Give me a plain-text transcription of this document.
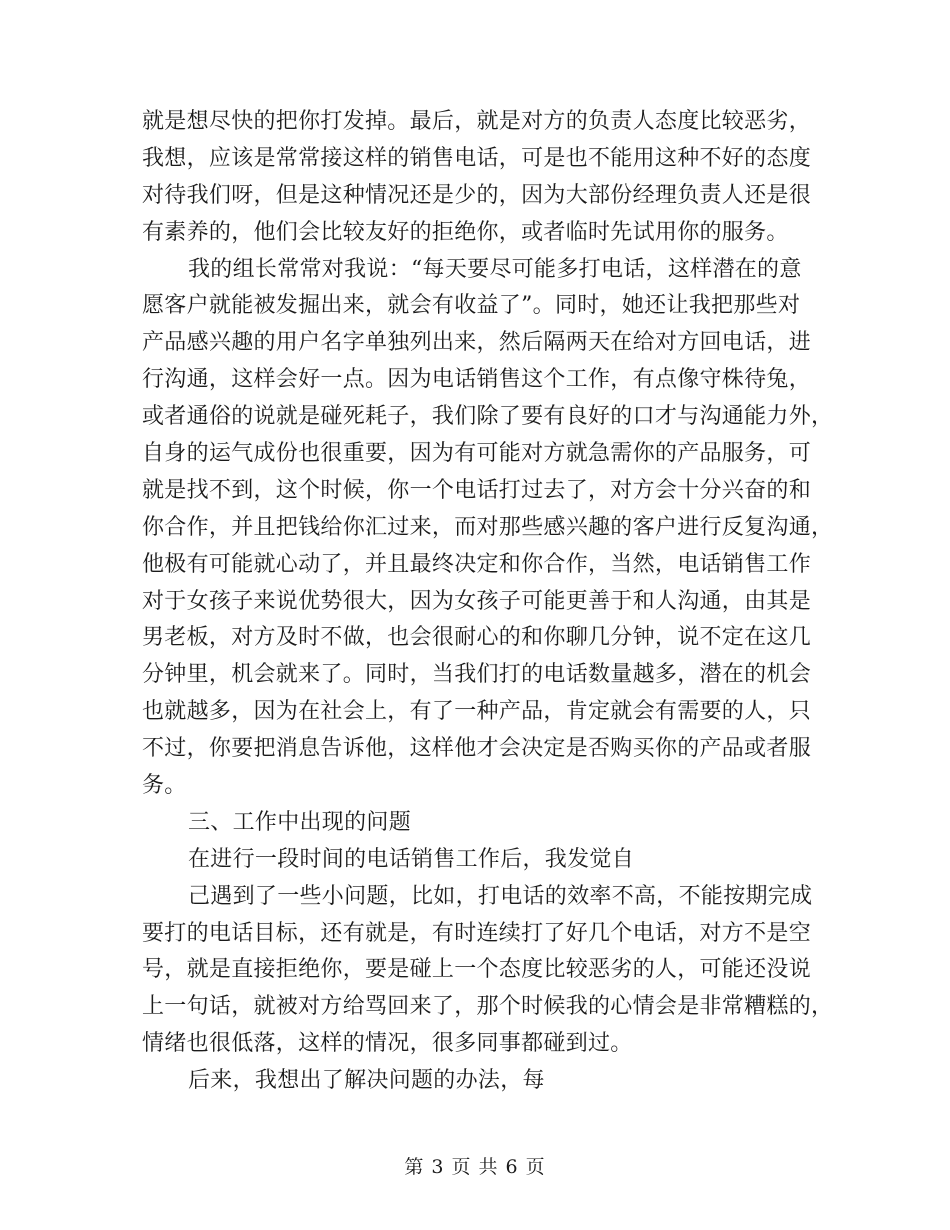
就是想尽快的把你打发掉。最后，就是对方的负责人态度比较恶劣，
我想，应该是常常接这样的销售电话，可是也不能用这种不好的态度
对待我们呀，但是这种情况还是少的，因为大部份经理负责人还是很
有素养的，他们会比较友好的拒绝你，或者临时先试用你的服务。
我的组长常常对我说：“每天要尽可能多打电话，这样潜在的意
愿客户就能被发掘出来，就会有收益了”。同时，她还让我把那些对
产品感兴趣的用户名字单独列出来，然后隔两天在给对方回电话，进
行沟通，这样会好一点。因为电话销售这个工作，有点像守株待兔，
或者通俗的说就是碰死耗子，我们除了要有良好的口才与沟通能力外，
自身的运气成份也很重要，因为有可能对方就急需你的产品服务，可
就是找不到，这个时候，你一个电话打过去了，对方会十分兴奋的和
你合作，并且把钱给你汇过来，而对那些感兴趣的客户进行反复沟通，
他极有可能就心动了，并且最终决定和你合作，当然，电话销售工作
对于女孩子来说优势很大，因为女孩子可能更善于和人沟通，由其是
男老板，对方及时不做，也会很耐心的和你聊几分钟，说不定在这几
分钟里，机会就来了。同时，当我们打的电话数量越多，潜在的机会
也就越多，因为在社会上，有了一种产品，肯定就会有需要的人，只
不过，你要把消息告诉他，这样他才会决定是否购买你的产品或者服
务。
三、工作中出现的问题
在进行一段时间的电话销售工作后，我发觉自
己遇到了一些小问题，比如，打电话的效率不高，不能按期完成
要打的电话目标，还有就是，有时连续打了好几个电话，对方不是空
号，就是直接拒绝你，要是碰上一个态度比较恶劣的人，可能还没说
上一句话，就被对方给骂回来了，那个时候我的心情会是非常糟糕的，
情绪也很低落，这样的情况，很多同事都碰到过。
后来，我想出了解决问题的办法，每
第 3 页 共 6 页
